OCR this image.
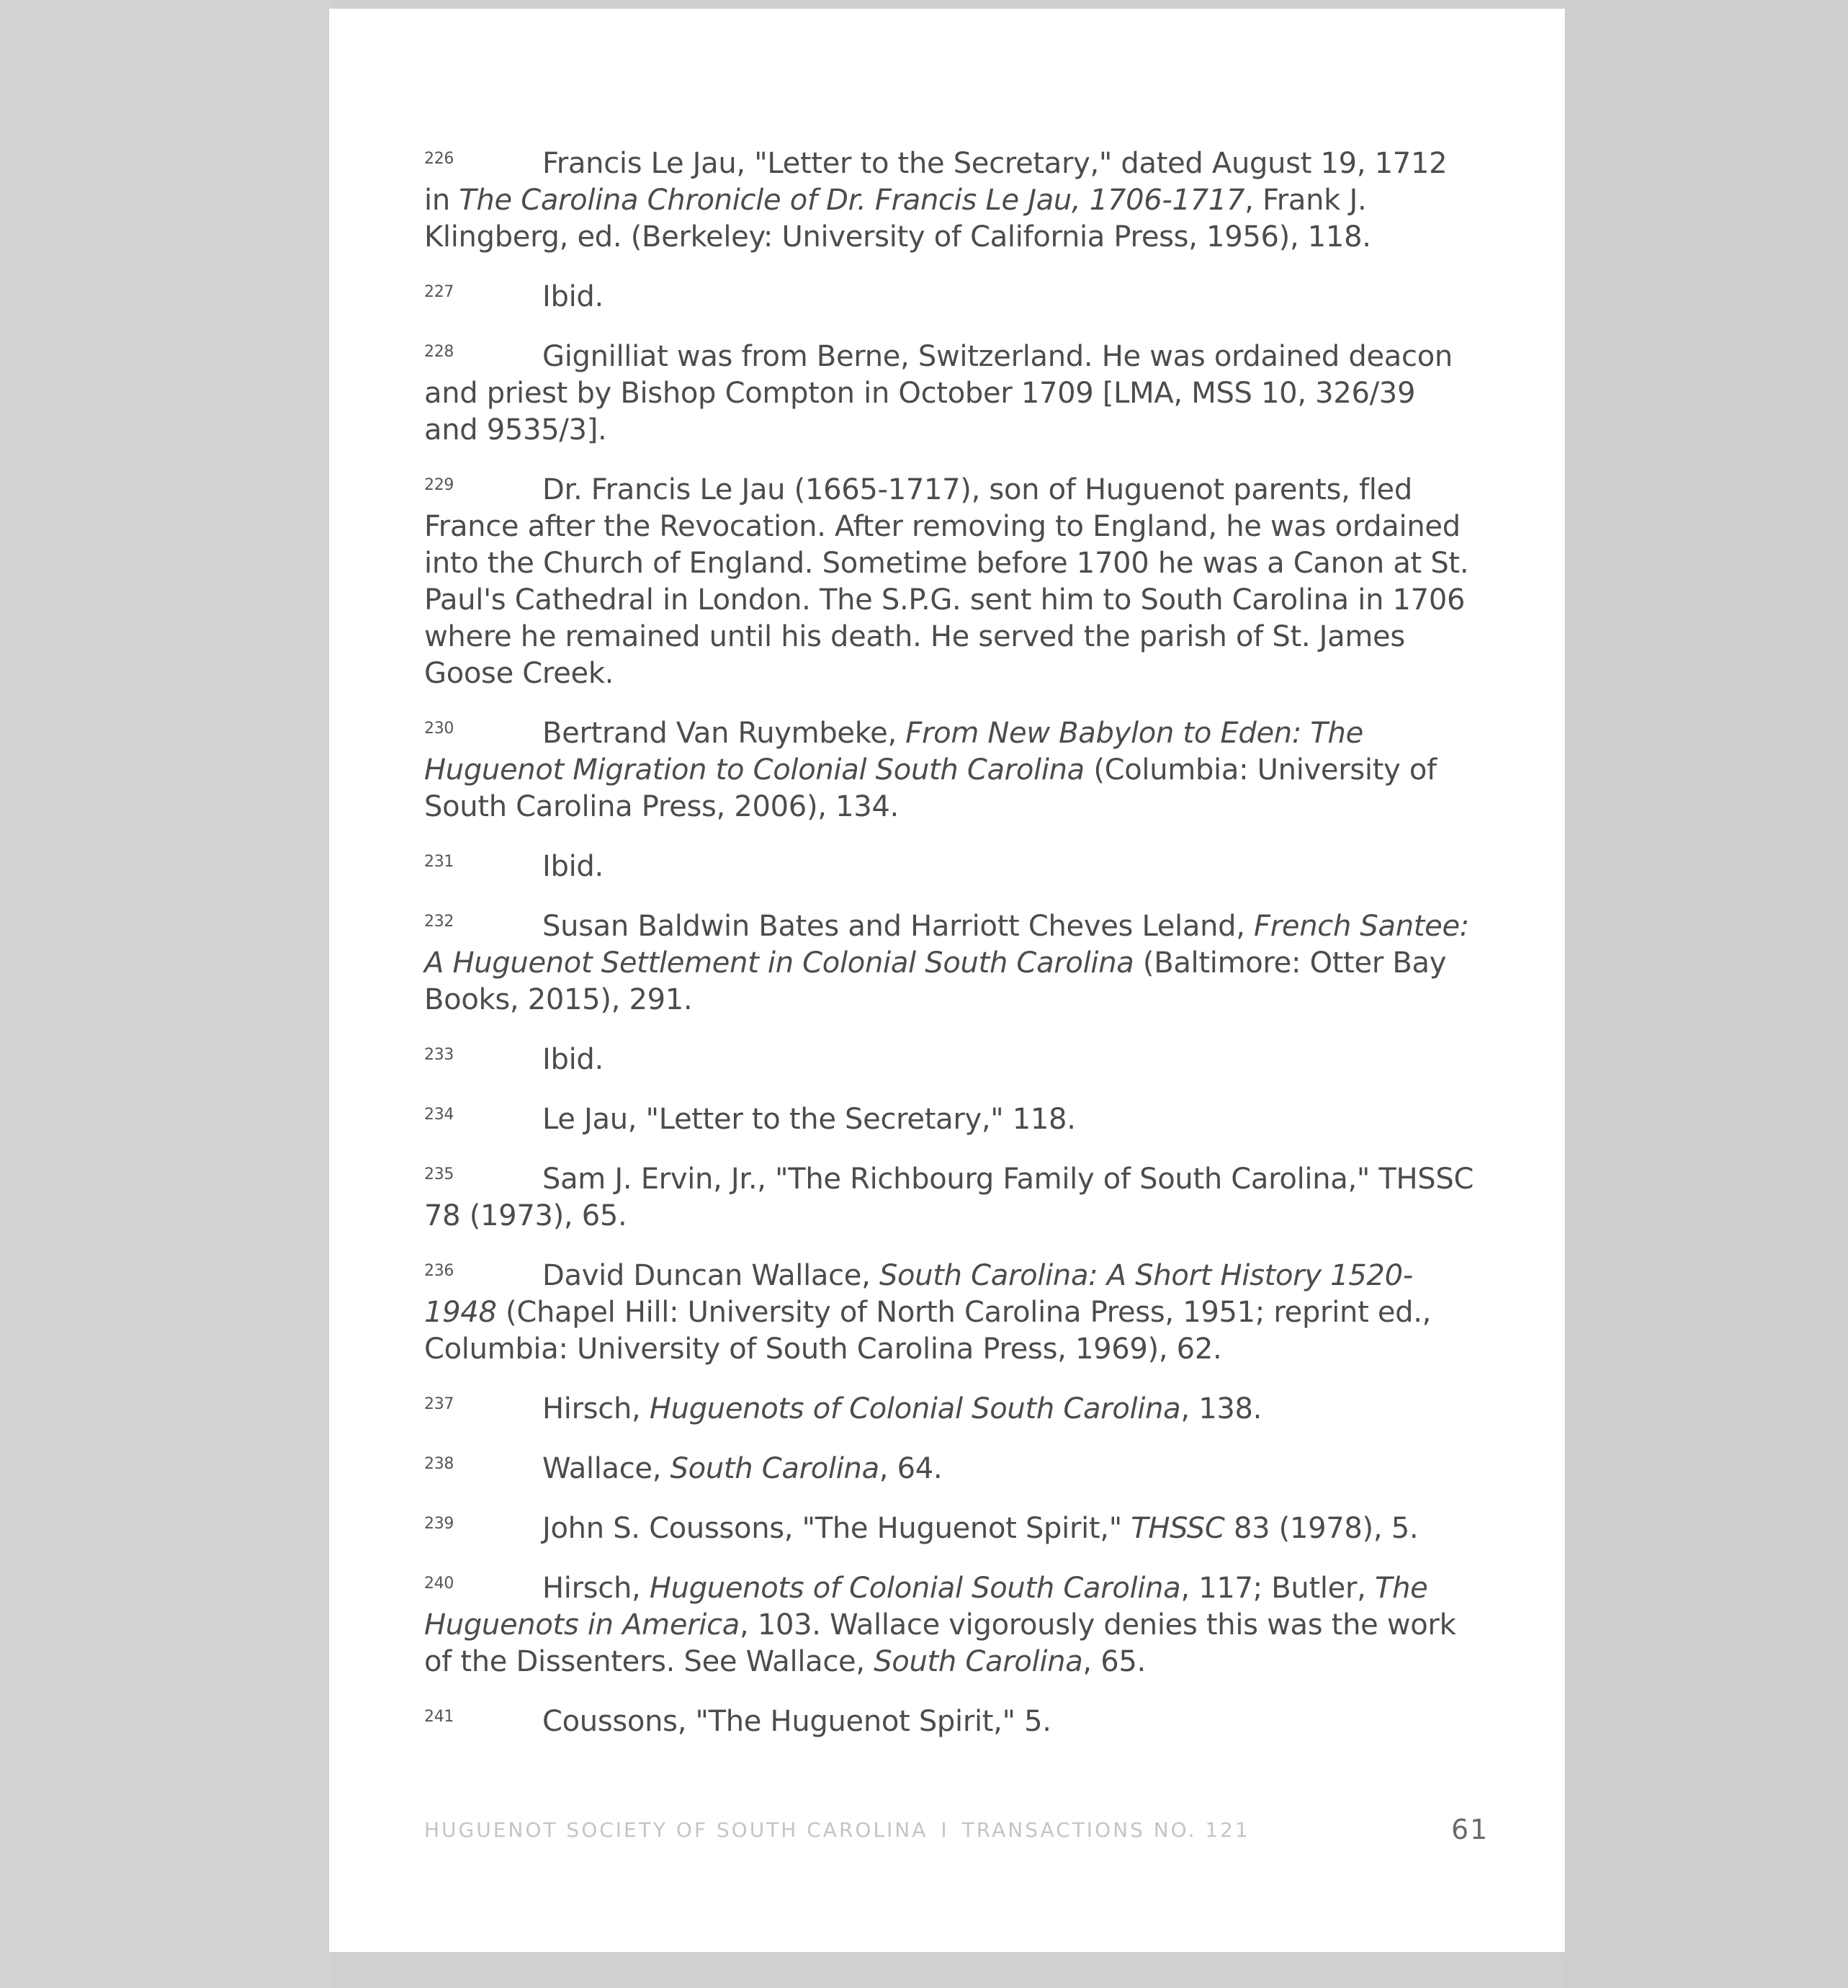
226	Francis Le Jau, "Letter to the Secretary," dated August 19, 1712 in The Carolina Chronicle of Dr. Francis Le Jau, 1706-1717, Frank J. Klingberg, ed. (Berkeley: University of California Press, 1956), 118.
227	Ibid.
228	Gignilliat was from Berne, Switzerland. He was ordained deacon and priest by Bishop Compton in October 1709 [LMA, MSS 10, 326/39 and 9535/3].
229	Dr. Francis Le Jau (1665-1717), son of Huguenot parents, fled France after the Revocation. After removing to England, he was ordained into the Church of England. Sometime before 1700 he was a Canon at St. Paul's Cathedral in London. The S.P.G. sent him to South Carolina in 1706 where he remained until his death. He served the parish of St. James Goose Creek.
230	Bertrand Van Ruymbeke, From New Babylon to Eden: The Huguenot Migration to Colonial South Carolina (Columbia: University of South Carolina Press, 2006), 134.
231	Ibid.
232	Susan Baldwin Bates and Harriott Cheves Leland, French Santee: A Huguenot Settlement in Colonial South Carolina (Baltimore: Otter Bay Books, 2015), 291.
233	Ibid.
234	Le Jau, "Letter to the Secretary," 118.
235	Sam J. Ervin, Jr., "The Richbourg Family of South Carolina," THSSC 78 (1973), 65.
236	David Duncan Wallace, South Carolina: A Short History 1520-1948 (Chapel Hill: University of North Carolina Press, 1951; reprint ed., Columbia: University of South Carolina Press, 1969), 62.
237	Hirsch, Huguenots of Colonial South Carolina, 138.
238	Wallace, South Carolina, 64.
239	John S. Coussons, "The Huguenot Spirit," THSSC 83 (1978), 5.
240	Hirsch, Huguenots of Colonial South Carolina, 117; Butler, The Huguenots in America, 103. Wallace vigorously denies this was the work of the Dissenters. See Wallace, South Carolina, 65.
241	Coussons, "The Huguenot Spirit," 5.
HUGUENOT SOCIETY OF SOUTH CAROLINA I TRANSACTIONS NO. 121	61
